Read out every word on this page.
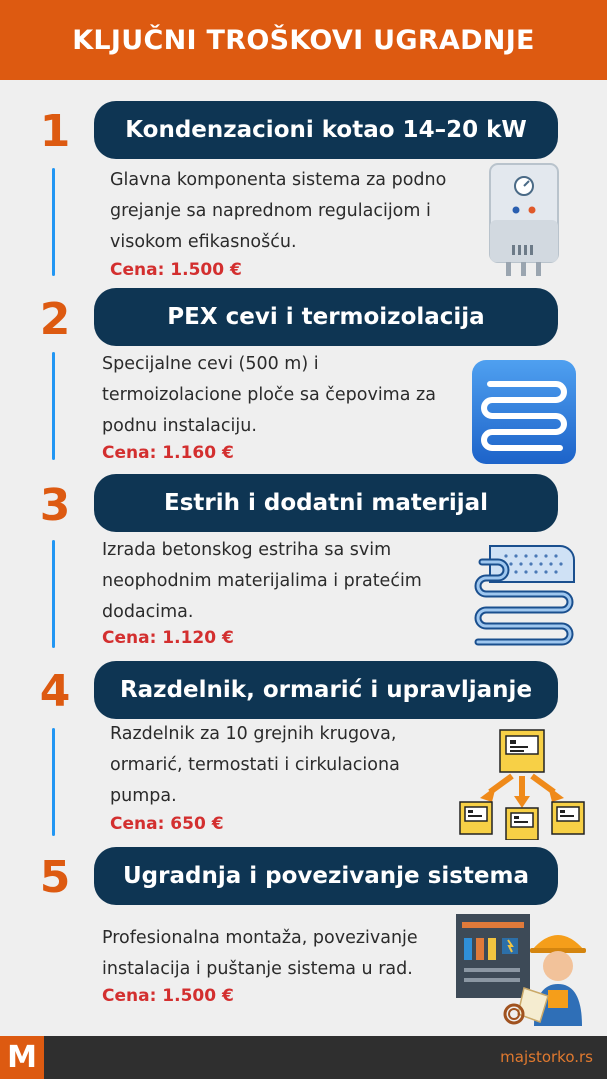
KLJUČNI TROŠKOVI UGRADNJE
1	Kondenzacioni kotao 14–20 kW
Glavna komponenta sistema za podno
grejanje sa naprednom regulacijom i
visokom efikasnošću.
Cena: 1.500 €
2	PEX cevi i termoizolacija
Specijalne cevi (500 m) i
termoizolacione ploče sa čepovima za
podnu instalaciju.
Cena: 1.160 €
3	Estrih i dodatni materijal
Izrada betonskog estriha sa svim
neophodnim materijalima i pratećim
dodacima.
Cena: 1.120 €
4	Razdelnik, ormarić i upravljanje
Razdelnik za 10 grejnih krugova,
ormarić, termostati i cirkulaciona
pumpa.
Cena: 650 €
5	Ugradnja i povezivanje sistema
Profesionalna montaža, povezivanje
instalacija i puštanje sistema u rad.
Cena: 1.500 €
M	majstorko.rs
